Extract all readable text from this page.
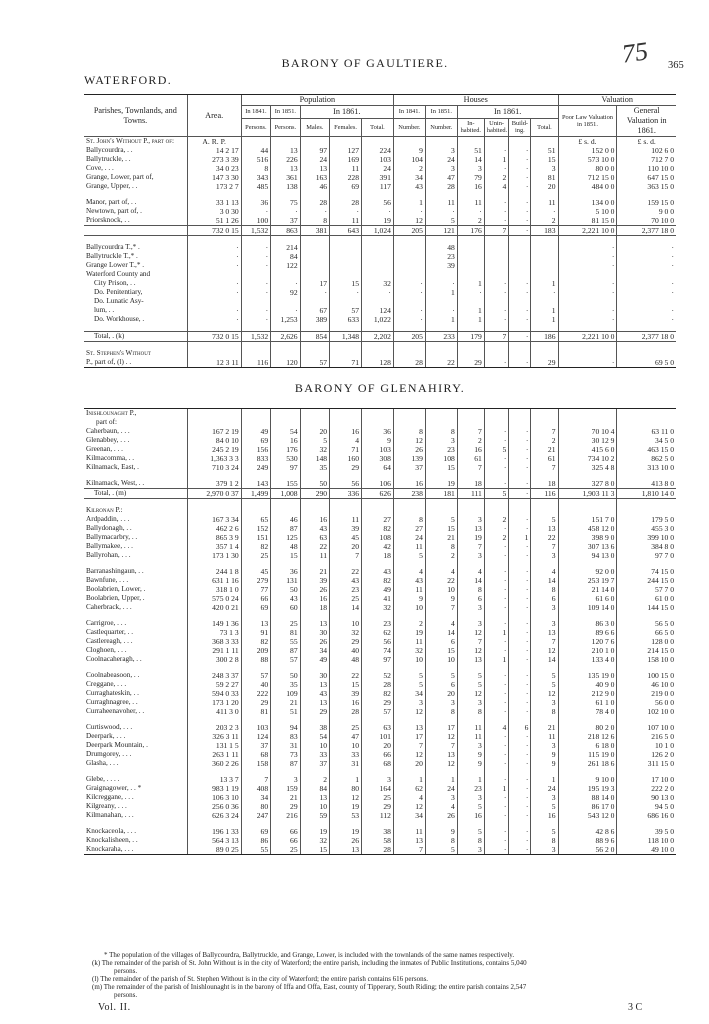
BARONY OF GAULTIERE.	75 365
WATERFORD.
Parishes, Townlands, and Towns.	Area.	Population					Houses						Valuation	
		In 1841.	In 1851.	In 1861.			In 1841.	In 1851.	In 1861.				Poor Law Valuation in 1851.	General Valuation in 1861.
		Persons.	Persons.	Males.	Females.	Total.	Number.	Number.	In-habited.	Unin-habited.	Build-ing.	Total.		
St. John's Without P., part of:	A. R. P.												£ s. d.	£ s. d.
Ballycourdra, . .	14 2 17	44	13	97	127	224	9	3	51	·	·	51	152 0 0	102 6 0
Ballytruckle, . .	273 3 39	516	226	24	169	103	104	24	14	1	·	15	573 10 0	712 7 0
Cove, . . .	34 0 23	8	13	13	11	24	2	3	3	·	·	3	80 0 0	110 10 0
Grange, Lower, part of,	147 3 30	343	361	163	228	391	34	47	79	2	·	81	712 15 0	647 15 0
Grange, Upper, . .	173 2 7	485	138	46	69	117	43	28	16	4	·	20	484 0 0	363 15 0

Manor, part of, . .	33 1 13	36	75	28	28	56	1	11	11	·	·	11	134 0 0	159 15 0
Newtown, part of, .	3 0 30	·	·	·	·	·	·	·	·	·	·	·	5 10 0	9 0 0
Priorsknock, . .	51 1 26	100	37	8	11	19	12	5	2	·	·	2	81 15 0	70 10 0
	732 0 15	1,532	863	381	643	1,024	205	121	176	7	·	183	2,221 10 0	2,377 18 0

Ballycourdra T.,* .	·	·	214					48					·	·
Ballytruckle T.,* .	·	·	84					23					·	·
Grange Lower T.,* .	·	·	122					39					·	·
Waterford County and														
City Prison, . .	·	·	·	17	15	32	·	·	1	·	·	1	·	·
Do. Penitentiary,	·	·	92	·	·	·	·	1	·	·	·	·	·	·
Do. Lunatic Asy-														
lum, . .	·	·	·	67	57	124	·	·	1	·	·	1	·	·
Do. Workhouse, .	·	·	1,253	389	633	1,022	·	1	1	·	·	1	·	·

Total, . (k)	732 0 15	1,532	2,626	854	1,348	2,202	205	233	179	7	·	186	2,221 10 0	2,377 18 0

St. Stephen's Without														
P., part of, (l) . .	12 3 11	116	120	57	71	128	28	22	29	·	·	29	·	69 5 0
BARONY OF GLENAHIRY.														
Inishlounaght P.,														
part of:														
Caherbaun, . . .	167 2 19	49	54	20	16	36	8	8	7	·	·	7	70 10 4	63 11 0
Glenabbey, . . .	84 0 10	69	16	5	4	9	12	3	2	·	·	2	30 12 9	34 5 0
Greenan, . . .	245 2 19	156	176	32	71	103	26	23	16	5	·	21	415 6 0	463 15 0
Kilmacomma, . .	1,363 3 3	833	530	148	160	308	139	108	61	·	·	61	734 10 2	862 5 0
Kilnamack, East, .	710 3 24	249	97	35	29	64	37	15	7	·	·	7	325 4 8	313 10 0

Kilnamack, West, . .	379 1 2	143	155	50	56	106	16	19	18	·	·	18	327 8 0	413 8 0
Total, . (m)	2,970 0 37	1,499	1,008	290	336	626	238	181	111	5	·	116	1,903 11 3	1,810 14 0

Kilronan P.:														
Ardpaddin, . . .	167 3 34	65	46	16	11	27	8	5	3	2	·	5	151 7 0	179 5 0
Ballydonagh, . .	462 2 6	152	87	43	39	82	27	15	13	·	·	13	458 12 0	455 3 0
Ballymacarbry, . .	865 3 9	151	125	63	45	108	24	21	19	2	1	22	398 9 0	399 10 0
Ballymakee, . . .	357 1 4	82	48	22	20	42	11	8	7	·	·	7	307 13 6	384 8 0
Ballyrohan, . . .	173 1 30	25	15	11	7	18	5	2	3	·	·	3	94 13 0	97 7 0

Barranashingaun, . .	244 1 8	45	36	21	22	43	4	4	4	·	·	4	92 0 0	74 15 0
Bawnfune, . . .	631 1 16	279	131	39	43	82	43	22	14	·	·	14	253 19 7	244 15 0
Boolabrien, Lower, .	318 1 0	77	50	26	23	49	11	10	8	·	·	8	21 14 0	57 7 0
Boolabrien, Upper, .	575 0 24	66	43	16	25	41	9	9	6	·	·	6	61 6 0	61 0 0
Caherbrack, . . .	420 0 21	69	60	18	14	32	10	7	3	·	·	3	109 14 0	144 15 0

Carrigroe, . . .	149 1 36	13	25	13	10	23	2	4	3	·	·	3	86 3 0	56 5 0
Castlequarter, . .	73 1 3	91	81	30	32	62	19	14	12	1	·	13	89 6 6	66 5 0
Castlereagh, . . .	368 3 33	82	55	26	29	56	11	6	7	·	·	7	120 7 6	128 0 0
Cloghoen, . . .	291 1 11	209	87	34	40	74	32	15	12	·	·	12	210 1 0	214 15 0
Coolnacaheragh, . .	300 2 8	88	57	49	48	97	10	10	13	1	·	14	133 4 0	158 10 0

Coolnabeasoon, . .	248 3 37	57	50	30	22	52	5	5	5	·	·	5	135 19 0	100 15 0
Creggane, . . .	59 2 27	40	35	13	15	28	5	6	5	·	·	5	40 9 0	46 10 0
Curraghateskin, . .	594 0 33	222	109	43	39	82	34	20	12	·	·	12	212 9 0	219 0 0
Curraghnagree, . .	173 1 20	29	21	13	16	29	3	3	3	·	·	3	61 1 0	56 0 0
Curraheenavoher, . .	411 3 0	81	51	29	28	57	12	8	8	·	·	8	78 4 0	102 10 0

Curtiswood, . . .	203 2 3	103	94	38	25	63	13	17	11	4	6	21	80 2 0	107 10 0
Deerpark, . . .	326 3 11	124	83	54	47	101	17	12	11	·	·	11	218 12 6	216 5 0
Deerpark Mountain, .	131 1 5	37	31	10	10	20	7	7	3	·	·	3	6 18 0	10 1 0
Drumgorey, . . .	263 1 11	68	73	33	33	66	12	13	9	·	·	9	115 19 0	126 2 0
Glasha, . . .	360 2 26	158	87	37	31	68	20	12	9	·	·	9	261 18 6	311 15 0

Glebe, . . . .	13 3 7	7	3	2	1	3	1	1	1	·	·	1	9 10 0	17 10 0
Graignagower, . . *	983 1 19	408	159	84	80	164	62	24	23	1	·	24	195 19 3	222 2 0
Kilcreggane, . . .	106 3 10	34	21	13	12	25	4	3	3	·	·	3	88 14 0	90 13 0
Kilgreany, . . .	256 0 36	80	29	10	19	29	12	4	5	·	·	5	86 17 0	94 5 0
Kilmanahan, . . .	626 3 24	247	216	59	53	112	34	26	16	·	·	16	543 12 0	686 16 0

Knockaceola, . . .	196 1 33	69	66	19	19	38	11	9	5	·	·	5	42 8 6	39 5 0
Knockalisheen, . .	564 3 13	86	66	32	26	58	13	8	8	·	·	8	88 9 6	118 10 0
Knockaraha, . . .	89 0 25	55	25	15	13	28	7	5	3	·	·	3	56 2 0	49 10 0
* The population of the villages of Ballycourdra, Ballytruckle, and Grange, Lower, is included with the townlands of the same names respectively.
(k) The remainder of the parish of St. John Without is in the city of Waterford; the entire parish, including the inmates of Public Institutions, contains 5,040
persons.
(l) The remainder of the parish of St. Stephen Without is in the city of Waterford; the entire parish contains 616 persons.
(m) The remainder of the parish of Inishlounaght is in the barony of Iffa and Offa, East, county of Tipperary, South Riding; the entire parish contains 2,547
persons.
Vol. II.	3 C
